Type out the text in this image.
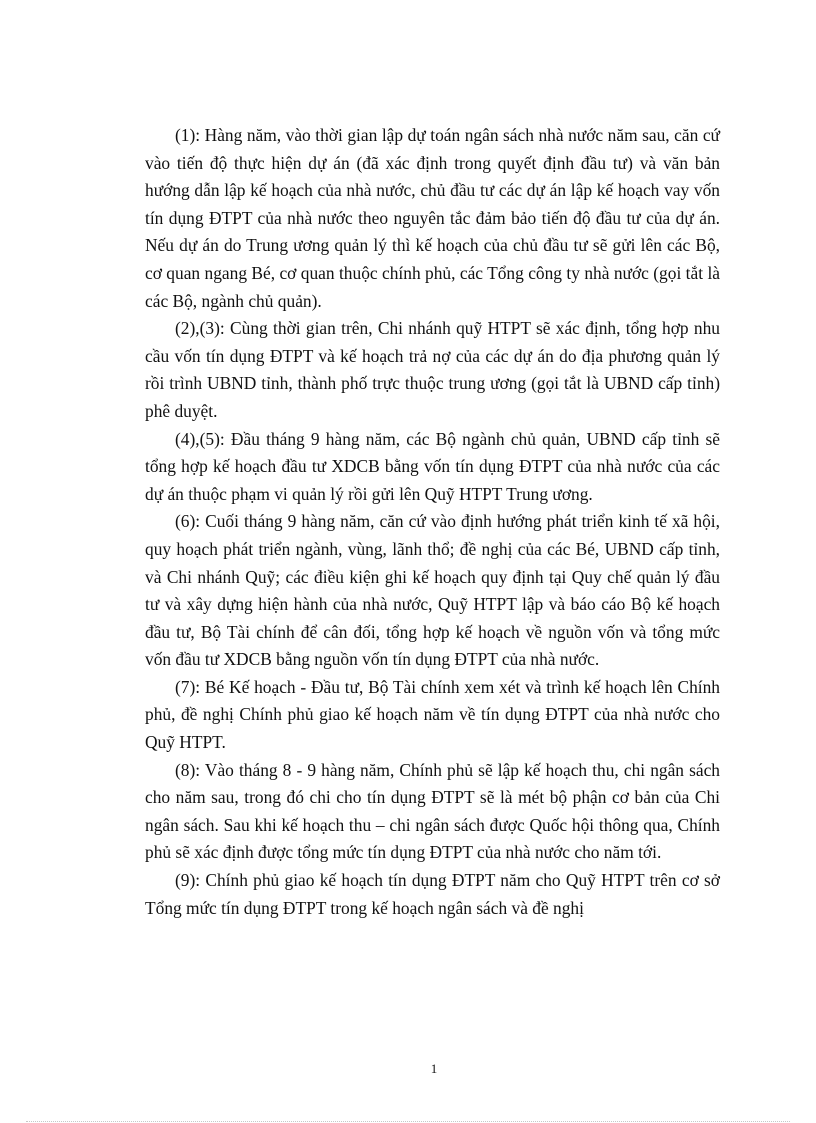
(1): Hàng năm, vào thời gian lập dự toán ngân sách nhà nước năm sau, căn cứ vào tiến độ thực hiện dự án (đã xác định trong quyết định đầu tư) và văn bản hướng dẫn lập kế hoạch của nhà nước, chủ đầu tư các dự án lập kế hoạch vay vốn tín dụng ĐTPT của nhà nước theo nguyên tắc đảm bảo tiến độ đầu tư của dự án. Nếu dự án do Trung ương quản lý thì kế hoạch của chủ đầu tư sẽ gửi lên các Bộ, cơ quan ngang Bé, cơ quan thuộc chính phủ, các Tổng công ty nhà nước (gọi tắt là các Bộ, ngành chủ quản).

(2),(3): Cùng thời gian trên, Chi nhánh quỹ HTPT sẽ xác định, tổng hợp nhu cầu vốn tín dụng ĐTPT và kế hoạch trả nợ của các dự án do địa phương quản lý rồi trình UBND tỉnh, thành phố trực thuộc trung ương (gọi tắt là UBND cấp tỉnh) phê duyệt.

(4),(5): Đầu tháng 9 hàng năm, các Bộ ngành chủ quản, UBND cấp tỉnh sẽ tổng hợp kế hoạch đầu tư XDCB bằng vốn tín dụng ĐTPT của nhà nước của các dự án thuộc phạm vi quản lý rồi gửi lên Quỹ HTPT Trung ương.

(6): Cuối tháng 9 hàng năm, căn cứ vào định hướng phát triển kinh tế xã hội, quy hoạch phát triển ngành, vùng, lãnh thổ; đề nghị của các Bé, UBND cấp tỉnh, và Chi nhánh Quỹ; các điều kiện ghi kế hoạch quy định tại Quy chế quản lý đầu tư và xây dựng hiện hành của nhà nước, Quỹ HTPT lập và báo cáo Bộ kế hoạch đầu tư, Bộ Tài chính để cân đối, tổng hợp kế hoạch về nguồn vốn và tổng mức vốn đầu tư XDCB bằng nguồn vốn tín dụng ĐTPT của nhà nước.

(7): Bé Kế hoạch - Đầu tư, Bộ Tài chính xem xét và trình kế hoạch lên Chính phủ, đề nghị Chính phủ giao kế hoạch năm về tín dụng ĐTPT của nhà nước cho Quỹ HTPT.

(8): Vào tháng 8 - 9 hàng năm, Chính phủ sẽ lập kế hoạch thu, chi ngân sách cho năm sau, trong đó chi cho tín dụng ĐTPT sẽ là mét bộ phận cơ bản của Chi ngân sách. Sau khi kế hoạch thu – chi ngân sách được Quốc hội thông qua, Chính phủ sẽ xác định được tổng mức tín dụng ĐTPT của nhà nước cho năm tới.

(9): Chính phủ giao kế hoạch tín dụng ĐTPT năm cho Quỹ HTPT trên cơ sở Tổng mức tín dụng ĐTPT trong kế hoạch ngân sách và đề nghị

1
